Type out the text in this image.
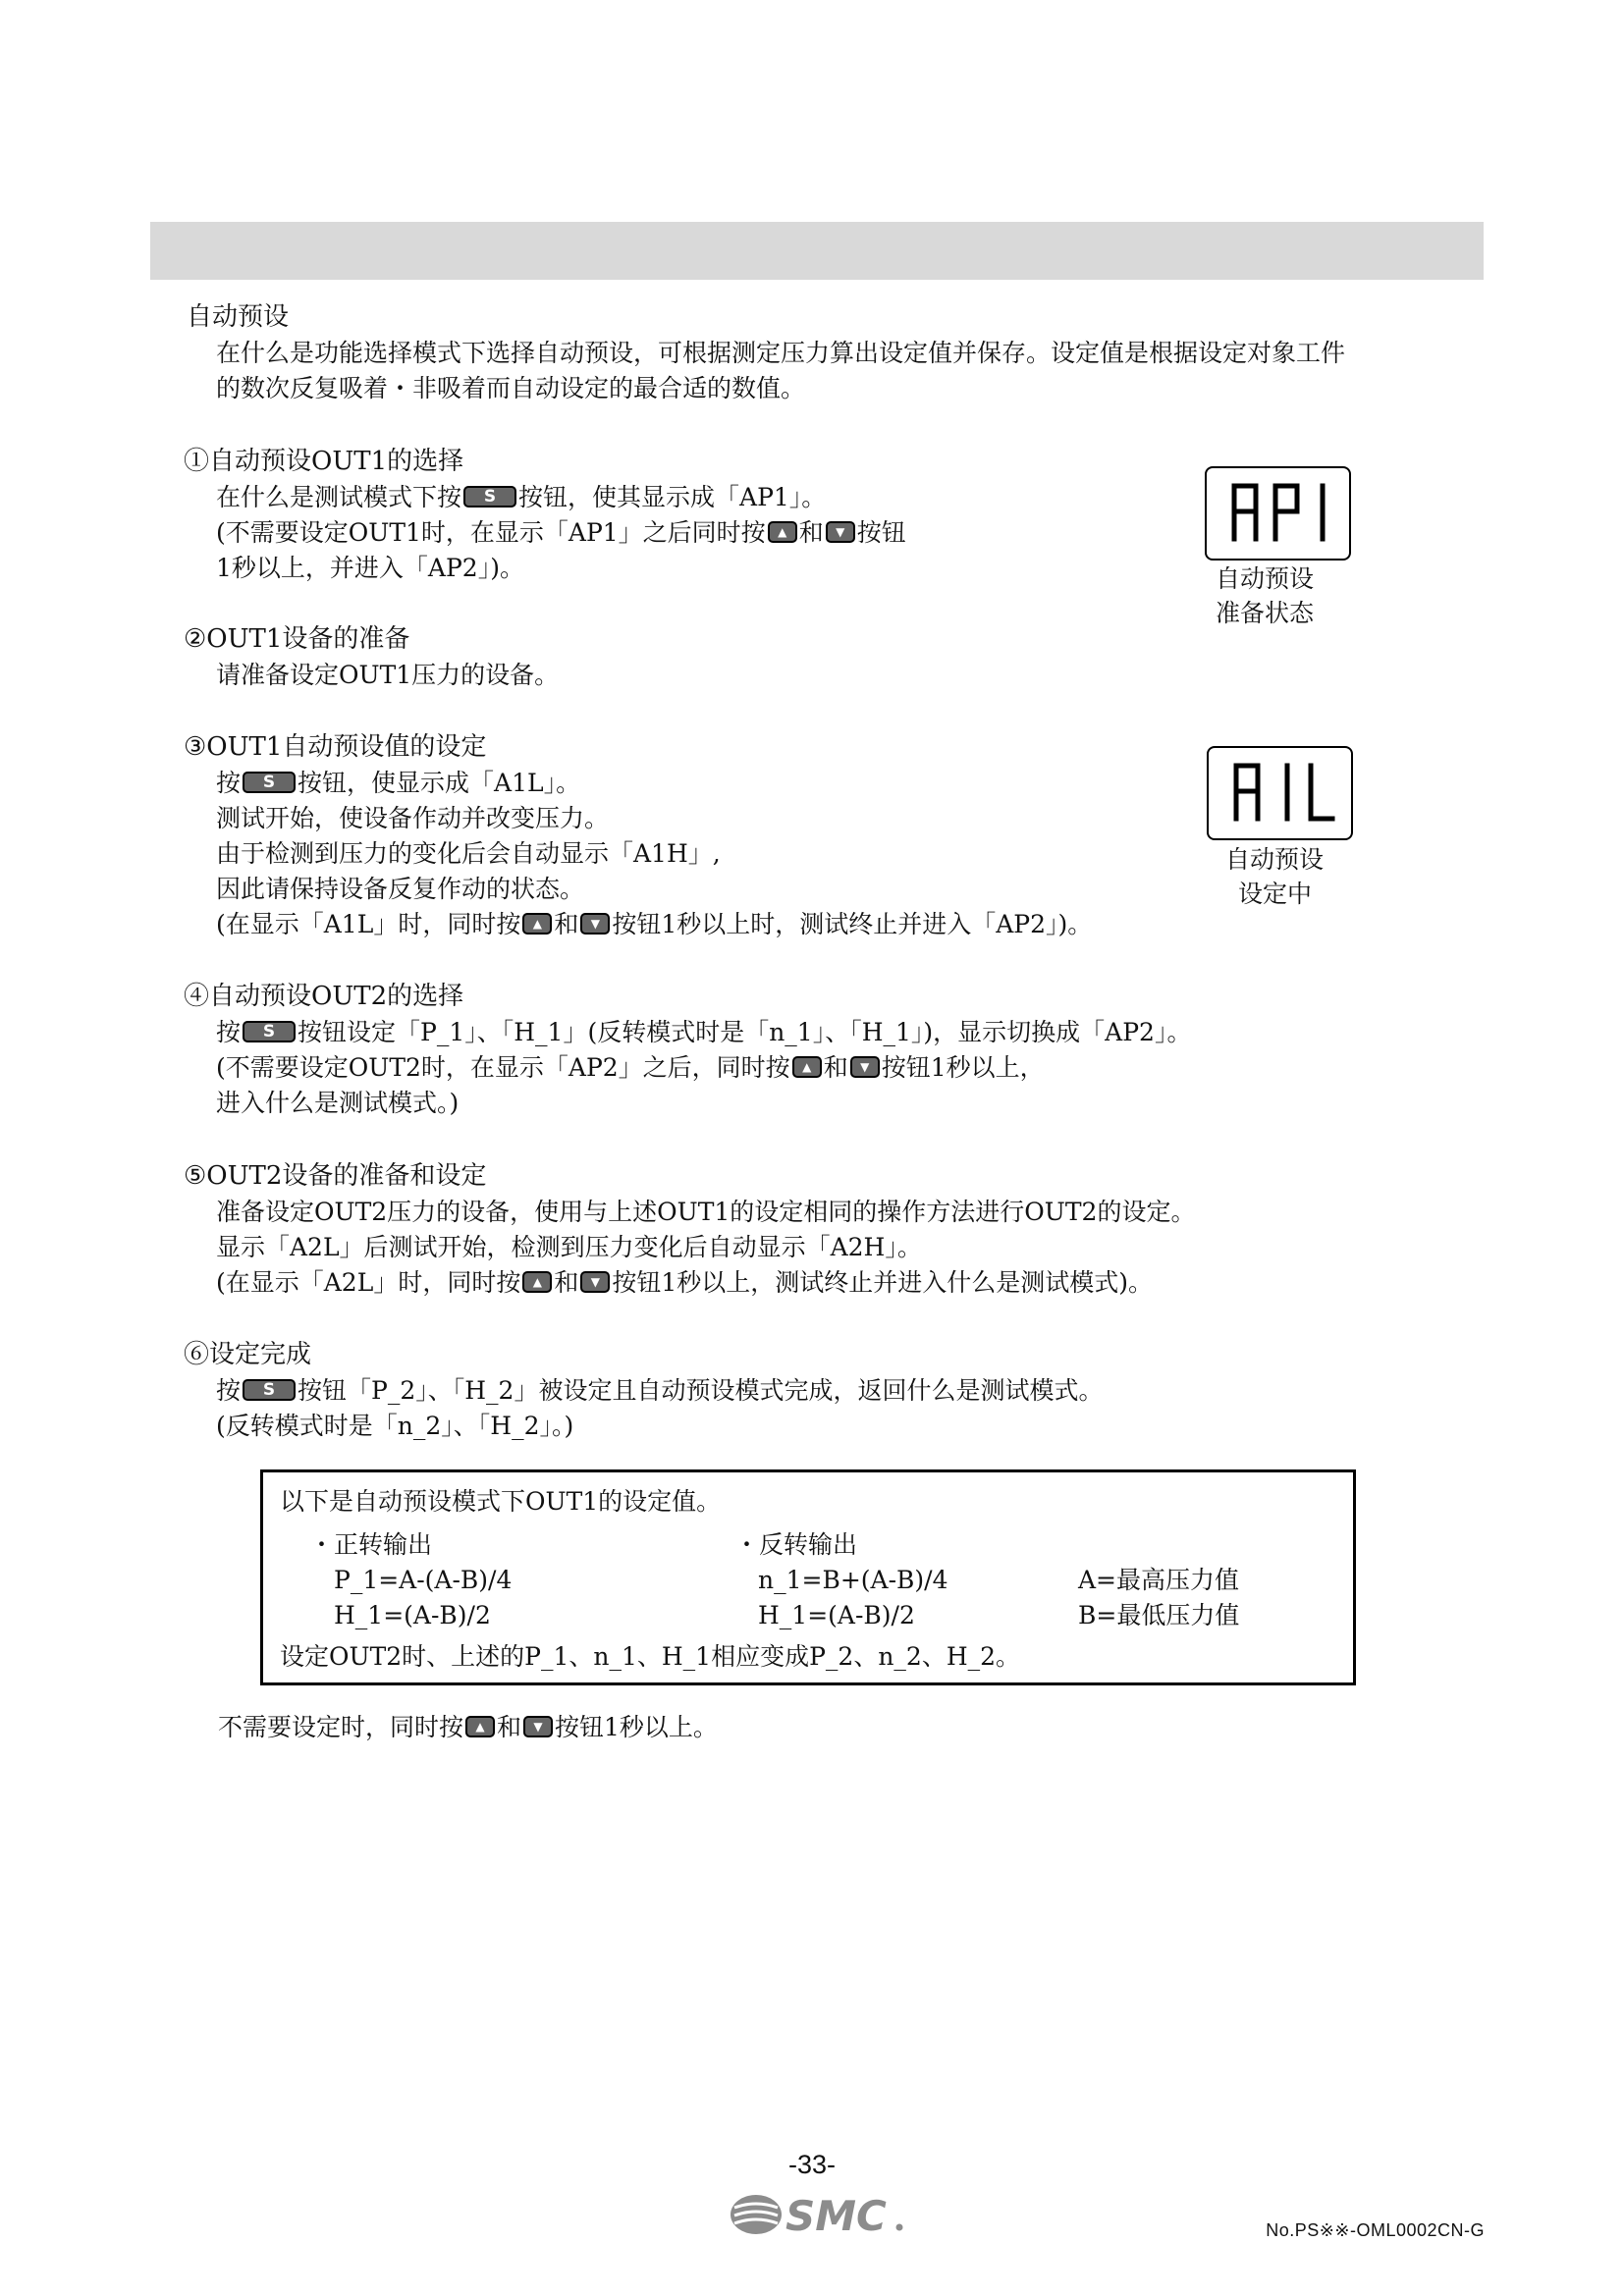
自动预设
在什么是功能选择模式下选择自动预设，可根据测定压力算出设定值并保存。设定值是根据设定对象工件
的数次反复吸着・非吸着而自动设定的最合适的数值。
①自动预设OUT1的选择
在什么是测试模式下按 S 按钮，使其显示成「AP1」。
(不需要设定OUT1时，在显示「AP1」之后同时按 ▲ 和 ▼ 按钮
1秒以上，并进入「AP2」)。	自动预设
准备状态
②OUT1设备的准备
请准备设定OUT1压力的设备。
③OUT1自动预设值的设定
按 S 按钮，使显示成「A1L」。
测试开始，使设备作动并改变压力。
由于检测到压力的变化后会自动显示「A1H」,
因此请保持设备反复作动的状态。
(在显示「A1L」时，同时按 ▲ 和 ▼ 按钮1秒以上时，测试终止并进入「AP2」)。
自动预设
设定中
④自动预设OUT2的选择
按 S 按钮设定「P_1」、「H_1」(反转模式时是「n_1」、「H_1」)，显示切换成「AP2」。
(不需要设定OUT2时，在显示「AP2」之后，同时按 ▲ 和 ▼ 按钮1秒以上，
进入什么是测试模式。)
⑤OUT2设备的准备和设定
准备设定OUT2压力的设备，使用与上述OUT1的设定相同的操作方法进行OUT2的设定。
显示「A2L」后测试开始，检测到压力变化后自动显示「A2H」。
(在显示「A2L」时，同时按 ▲ 和 ▼ 按钮1秒以上，测试终止并进入什么是测试模式)。
⑥设定完成
按 S 按钮「P_2」、「H_2」被设定且自动预设模式完成，返回什么是测试模式。
(反转模式时是「n_2」、「H_2」。)
以下是自动预设模式下OUT1的设定值。
・正转输出
P_1=A-(A-B)/4
H_1=(A-B)/2
・反转输出
n_1=B+(A-B)/4
H_1=(A-B)/2
A=最高压力值
B=最低压力值
设定OUT2时、上述的P_1、n_1、H_1相应变成P_2、n_2、H_2。
不需要设定时，同时按 ▲ 和 ▼ 按钮1秒以上。
-33-
SMC	No.PS※※-OML0002CN-G
